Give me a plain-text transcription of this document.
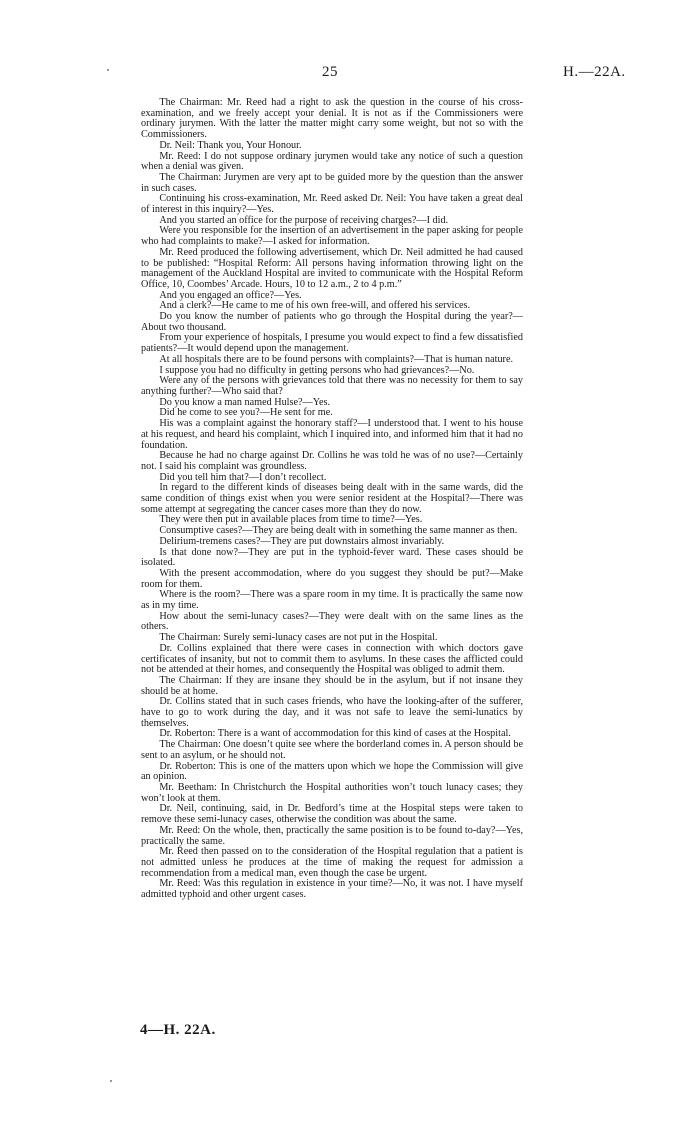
25	H.—22A.

The Chairman: Mr. Reed had a right to ask the question in the course of his cross-examination, and we freely accept your denial. It is not as if the Commissioners were ordinary jurymen. With the latter the matter might carry some weight, but not so with the Commissioners.

Dr. Neil: Thank you, Your Honour.

Mr. Reed: I do not suppose ordinary jurymen would take any notice of such a question when a denial was given.

The Chairman: Jurymen are very apt to be guided more by the question than the answer in such cases.

Continuing his cross-examination, Mr. Reed asked Dr. Neil: You have taken a great deal of interest in this inquiry?—Yes.

And you started an office for the purpose of receiving charges?—I did.

Were you responsible for the insertion of an advertisement in the paper asking for people who had complaints to make?—I asked for information.

Mr. Reed produced the following advertisement, which Dr. Neil admitted he had caused to be published: “Hospital Reform: All persons having information throwing light on the management of the Auckland Hospital are invited to communicate with the Hospital Reform Office, 10, Coombes’ Arcade. Hours, 10 to 12 a.m., 2 to 4 p.m.”

And you engaged an office?—Yes.

And a clerk?—He came to me of his own free-will, and offered his services.

Do you know the number of patients who go through the Hospital during the year?—About two thousand.

From your experience of hospitals, I presume you would expect to find a few dissatisfied patients?—It would depend upon the management.

At all hospitals there are to be found persons with complaints?—That is human nature.

I suppose you had no difficulty in getting persons who had grievances?—No.

Were any of the persons with grievances told that there was no necessity for them to say anything further?—Who said that?

Do you know a man named Hulse?—Yes.

Did he come to see you?—He sent for me.

His was a complaint against the honorary staff?—I understood that. I went to his house at his request, and heard his complaint, which I inquired into, and informed him that it had no foundation.

Because he had no charge against Dr. Collins he was told he was of no use?—Certainly not. I said his complaint was groundless.

Did you tell him that?—I don’t recollect.

In regard to the different kinds of diseases being dealt with in the same wards, did the same condition of things exist when you were senior resident at the Hospital?—There was some attempt at segregating the cancer cases more than they do now.

They were then put in available places from time to time?—Yes.

Consumptive cases?—They are being dealt with in something the same manner as then.

Delirium-tremens cases?—They are put downstairs almost invariably.

Is that done now?—They are put in the typhoid-fever ward. These cases should be isolated.

With the present accommodation, where do you suggest they should be put?—Make room for them.

Where is the room?—There was a spare room in my time. It is practically the same now as in my time.

How about the semi-lunacy cases?—They were dealt with on the same lines as the others.

The Chairman: Surely semi-lunacy cases are not put in the Hospital.

Dr. Collins explained that there were cases in connection with which doctors gave certificates of insanity, but not to commit them to asylums. In these cases the afflicted could not be attended at their homes, and consequently the Hospital was obliged to admit them.

The Chairman: If they are insane they should be in the asylum, but if not insane they should be at home.

Dr. Collins stated that in such cases friends, who have the looking-after of the sufferer, have to go to work during the day, and it was not safe to leave the semi-lunatics by themselves.

Dr. Roberton: There is a want of accommodation for this kind of cases at the Hospital.

The Chairman: One doesn’t quite see where the borderland comes in. A person should be sent to an asylum, or he should not.

Dr. Roberton: This is one of the matters upon which we hope the Commission will give an opinion.

Mr. Beetham: In Christchurch the Hospital authorities won’t touch lunacy cases; they won’t look at them.

Dr. Neil, continuing, said, in Dr. Bedford’s time at the Hospital steps were taken to remove these semi-lunacy cases, otherwise the condition was about the same.

Mr. Reed: On the whole, then, practically the same position is to be found to-day?—Yes, practically the same.

Mr. Reed then passed on to the consideration of the Hospital regulation that a patient is not admitted unless he produces at the time of making the request for admission a recommendation from a medical man, even though the case be urgent.

Mr. Reed: Was this regulation in existence in your time?—No, it was not. I have myself admitted typhoid and other urgent cases.

4—H. 22A.
